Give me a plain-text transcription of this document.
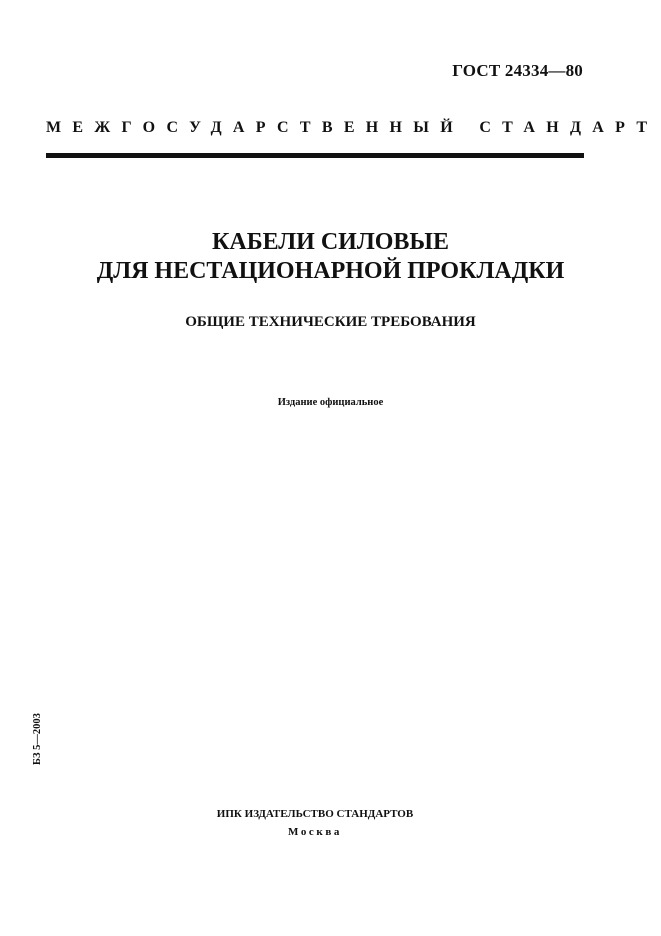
ГОСТ 24334—80
МЕЖГОСУДАРСТВЕННЫЙ СТАНДАРТ
КАБЕЛИ СИЛОВЫЕ
ДЛЯ НЕСТАЦИОНАРНОЙ ПРОКЛАДКИ
ОБЩИЕ ТЕХНИЧЕСКИЕ ТРЕБОВАНИЯ
Издание официальное
БЗ 5—2003
ИПК ИЗДАТЕЛЬСТВО СТАНДАРТОВ
Москва
